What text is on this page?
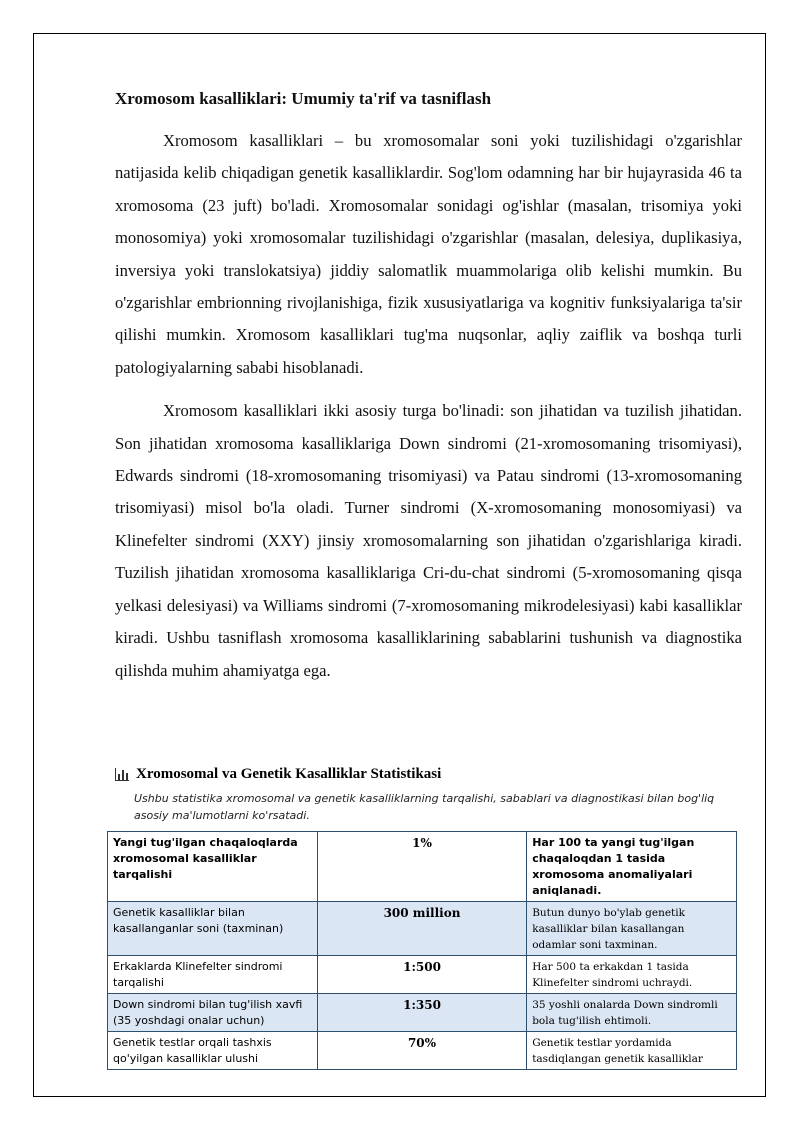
Xromosom kasalliklari: Umumiy ta'rif va tasniflash

Xromosom kasalliklari – bu xromosomalar soni yoki tuzilishidagi o'zgarishlar natijasida kelib chiqadigan genetik kasalliklardir. Sog'lom odamning har bir hujayrasida 46 ta xromosoma (23 juft) bo'ladi. Xromosomalar sonidagi og'ishlar (masalan, trisomiya yoki monosomiya) yoki xromosomalar tuzilishidagi o'zgarishlar (masalan, delesiya, duplikasiya, inversiya yoki translokatsiya) jiddiy salomatlik muammolariga olib kelishi mumkin. Bu o'zgarishlar embrionning rivojlanishiga, fizik xususiyatlariga va kognitiv funksiyalariga ta'sir qilishi mumkin. Xromosom kasalliklari tug'ma nuqsonlar, aqliy zaiflik va boshqa turli patologiyalarning sababi hisoblanadi.

Xromosom kasalliklari ikki asosiy turga bo'linadi: son jihatidan va tuzilish jihatidan. Son jihatidan xromosoma kasalliklariga Down sindromi (21-xromosomaning trisomiyasi), Edwards sindromi (18-xromosomaning trisomiyasi) va Patau sindromi (13-xromosomaning trisomiyasi) misol bo'la oladi. Turner sindromi (X-xromosomaning monosomiyasi) va Klinefelter sindromi (XXY) jinsiy xromosomalarning son jihatidan o'zgarishlariga kiradi. Tuzilish jihatidan xromosoma kasalliklariga Cri-du-chat sindromi (5-xromosomaning qisqa yelkasi delesiyasi) va Williams sindromi (7-xromosomaning mikrodelesiyasi) kabi kasalliklar kiradi. Ushbu tasniflash xromosoma kasalliklarining sabablarini tushunish va diagnostika qilishda muhim ahamiyatga ega.

Xromosomal va Genetik Kasalliklar Statistikasi

Ushbu statistika xromosomal va genetik kasalliklarning tarqalishi, sabablari va diagnostikasi bilan bog'liq asosiy ma'lumotlarni ko'rsatadi.

Yangi tug'ilgan chaqaloqlarda xromosomal kasalliklar tarqalishi	1%	Har 100 ta yangi tug'ilgan chaqaloqdan 1 tasida xromosoma anomaliyalari aniqlanadi.
Genetik kasalliklar bilan kasallanganlar soni (taxminan)	300 million	Butun dunyo bo'ylab genetik kasalliklar bilan kasallangan odamlar soni taxminan.
Erkaklarda Klinefelter sindromi tarqalishi	1:500	Har 500 ta erkakdan 1 tasida Klinefelter sindromi uchraydi.
Down sindromi bilan tug'ilish xavfi (35 yoshdagi onalar uchun)	1:350	35 yoshli onalarda Down sindromli bola tug'ilish ehtimoli.
Genetik testlar orqali tashxis qo'yilgan kasalliklar ulushi	70%	Genetik testlar yordamida tasdiqlangan genetik kasalliklar
